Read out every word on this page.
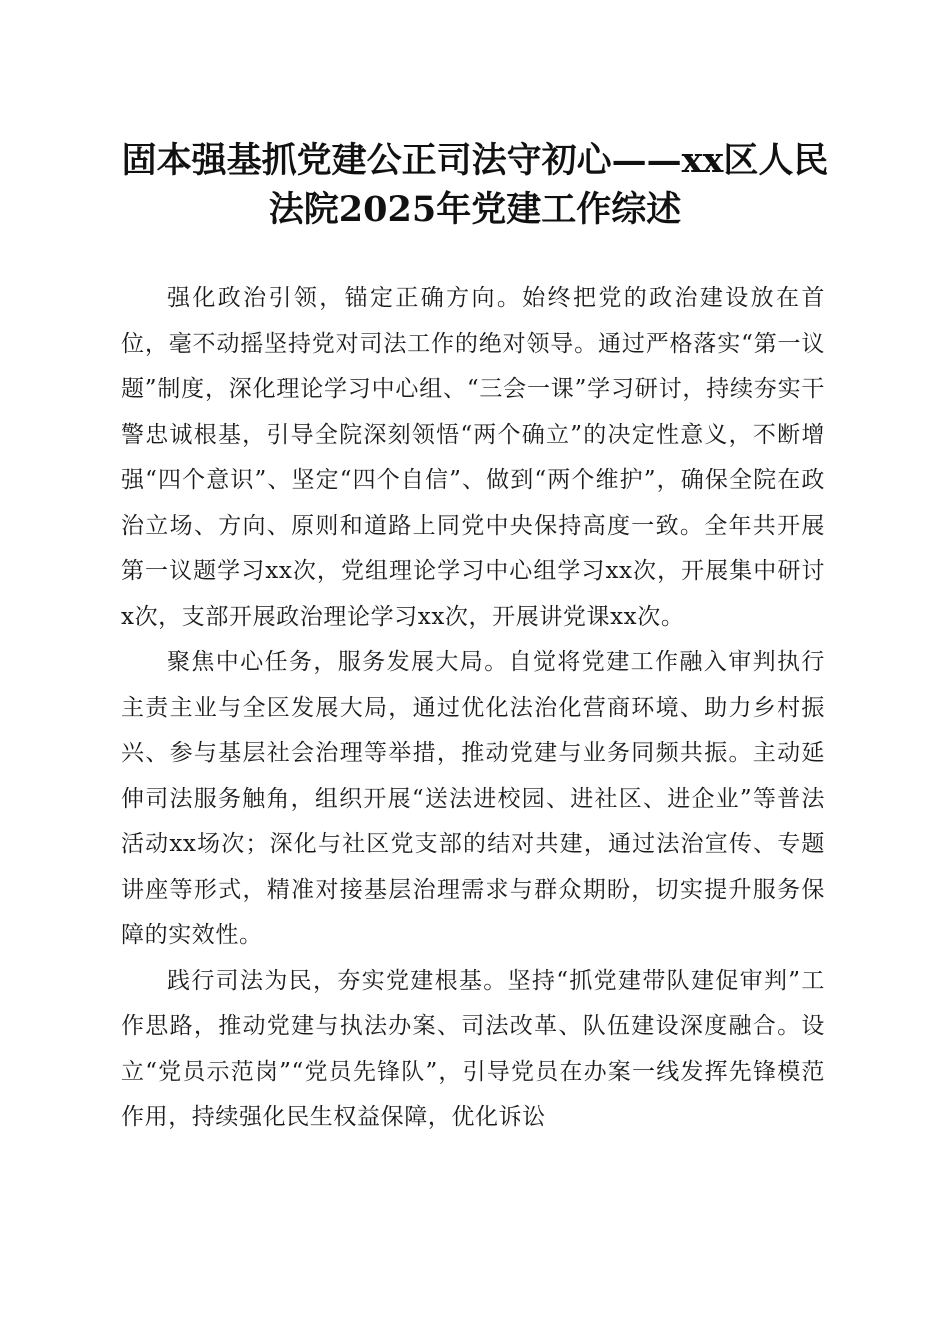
固本强基抓党建公正司法守初心——xx区人民法院2025年党建工作综述

强化政治引领，锚定正确方向。始终把党的政治建设放在首位，毫不动摇坚持党对司法工作的绝对领导。通过严格落实“第一议题”制度，深化理论学习中心组、“三会一课”学习研讨，持续夯实干警忠诚根基，引导全院深刻领悟“两个确立”的决定性意义，不断增强“四个意识”、坚定“四个自信”、做到“两个维护”，确保全院在政治立场、方向、原则和道路上同党中央保持高度一致。全年共开展第一议题学习xx次，党组理论学习中心组学习xx次，开展集中研讨x次，支部开展政治理论学习xx次，开展讲党课xx次。

聚焦中心任务，服务发展大局。自觉将党建工作融入审判执行主责主业与全区发展大局，通过优化法治化营商环境、助力乡村振兴、参与基层社会治理等举措，推动党建与业务同频共振。主动延伸司法服务触角，组织开展“送法进校园、进社区、进企业”等普法活动xx场次；深化与社区党支部的结对共建，通过法治宣传、专题讲座等形式，精准对接基层治理需求与群众期盼，切实提升服务保障的实效性。

践行司法为民，夯实党建根基。坚持“抓党建带队建促审判”工作思路，推动党建与执法办案、司法改革、队伍建设深度融合。设立“党员示范岗”“党员先锋队”，引导党员在办案一线发挥先锋模范作用，持续强化民生权益保障，优化诉讼
